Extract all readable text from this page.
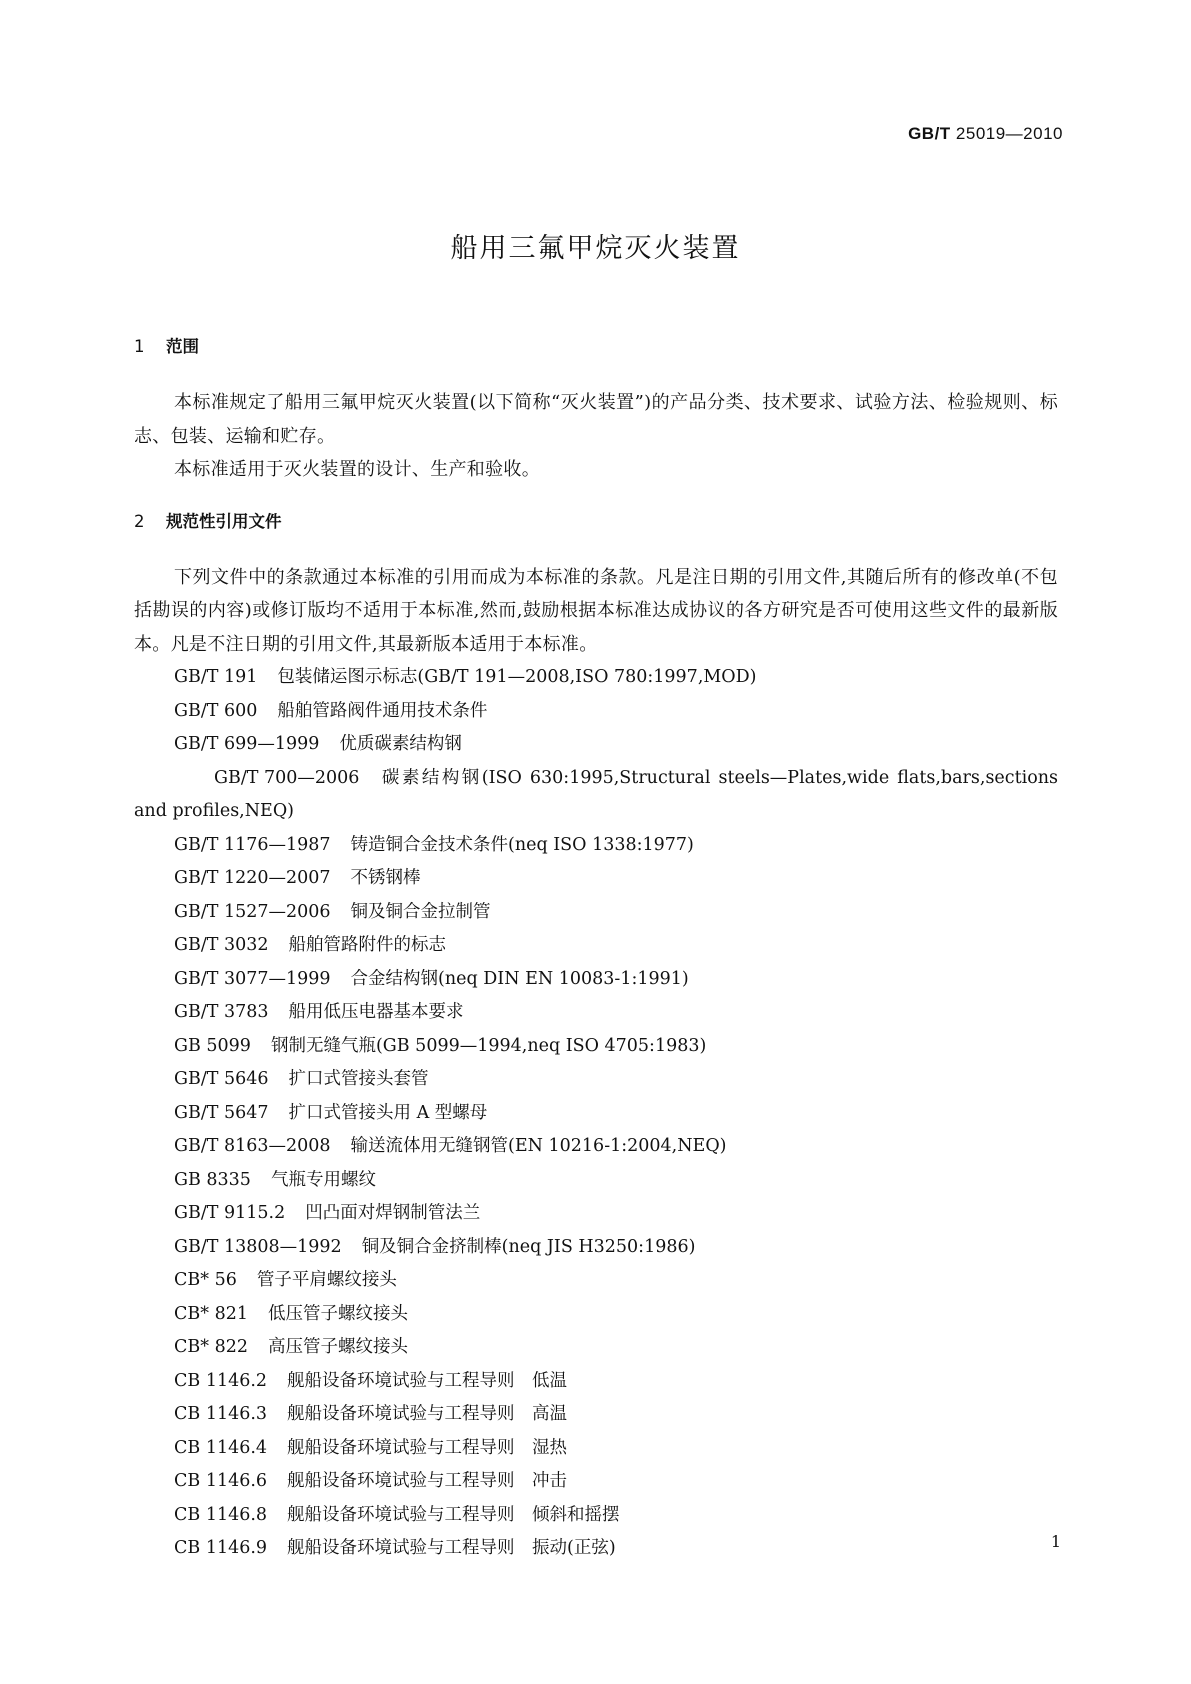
GB/T 25019—2010
船用三氟甲烷灭火装置
1 范围
本标准规定了船用三氟甲烷灭火装置(以下简称“灭火装置”)的产品分类、技术要求、试验方法、检验规则、标志、包装、运输和贮存。
本标准适用于灭火装置的设计、生产和验收。
2 规范性引用文件
下列文件中的条款通过本标准的引用而成为本标准的条款。凡是注日期的引用文件,其随后所有的修改单(不包括勘误的内容)或修订版均不适用于本标准,然而,鼓励根据本标准达成协议的各方研究是否可使用这些文件的最新版本。凡是不注日期的引用文件,其最新版本适用于本标准。
GB/T 191 包装储运图示标志(GB/T 191—2008,ISO 780:1997,MOD)
GB/T 600 船舶管路阀件通用技术条件
GB/T 699—1999 优质碳素结构钢
GB/T 700—2006 碳素结构钢(ISO 630:1995,Structural steels—Plates,wide flats,bars,sections and profiles,NEQ)
GB/T 1176—1987 铸造铜合金技术条件(neq ISO 1338:1977)
GB/T 1220—2007 不锈钢棒
GB/T 1527—2006 铜及铜合金拉制管
GB/T 3032 船舶管路附件的标志
GB/T 3077—1999 合金结构钢(neq DIN EN 10083-1:1991)
GB/T 3783 船用低压电器基本要求
GB 5099 钢制无缝气瓶(GB 5099—1994,neq ISO 4705:1983)
GB/T 5646 扩口式管接头套管
GB/T 5647 扩口式管接头用 A 型螺母
GB/T 8163—2008 输送流体用无缝钢管(EN 10216-1:2004,NEQ)
GB 8335 气瓶专用螺纹
GB/T 9115.2 凹凸面对焊钢制管法兰
GB/T 13808—1992 铜及铜合金挤制棒(neq JIS H3250:1986)
CB* 56 管子平肩螺纹接头
CB* 821 低压管子螺纹接头
CB* 822 高压管子螺纹接头
CB 1146.2 舰船设备环境试验与工程导则　低温
CB 1146.3 舰船设备环境试验与工程导则　高温
CB 1146.4 舰船设备环境试验与工程导则　湿热
CB 1146.6 舰船设备环境试验与工程导则　冲击
CB 1146.8 舰船设备环境试验与工程导则　倾斜和摇摆
CB 1146.9 舰船设备环境试验与工程导则　振动(正弦)	1
